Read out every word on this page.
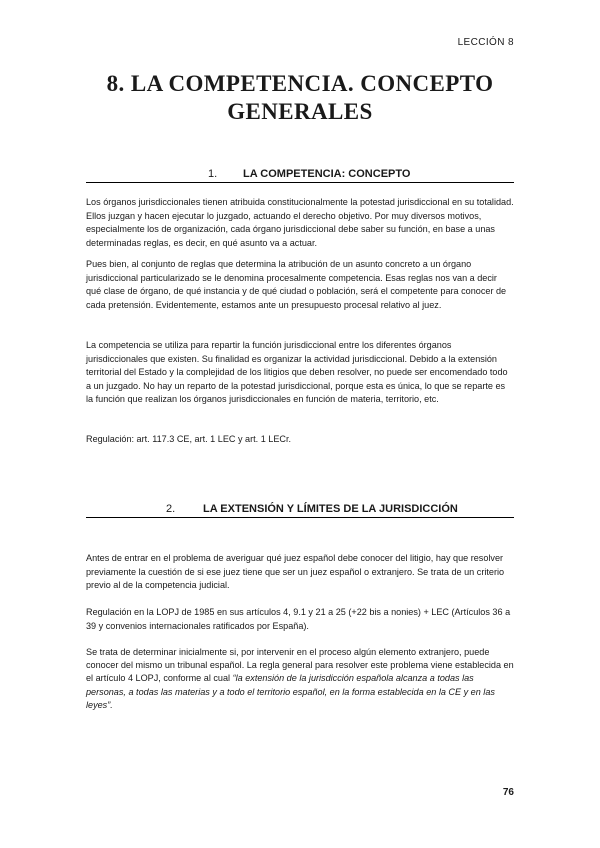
LECCIÓN 8
8. LA COMPETENCIA. CONCEPTO
GENERALES
1. LA COMPETENCIA: CONCEPTO

Los órganos jurisdiccionales tienen atribuida constitucionalmente la potestad jurisdiccional en su totalidad. Ellos juzgan y hacen ejecutar lo juzgado, actuando el derecho objetivo. Por muy diversos motivos, especialmente los de organización, cada órgano jurisdiccional debe saber su función, en base a unas determinadas reglas, es decir, en qué asunto va a actuar.

Pues bien, al conjunto de reglas que determina la atribución de un asunto concreto a un órgano jurisdiccional particularizado se le denomina procesalmente competencia. Esas reglas nos van a decir qué clase de órgano, de qué instancia y de qué ciudad o población, será el competente para conocer de cada pretensión. Evidentemente, estamos ante un presupuesto procesal relativo al juez.

La competencia se utiliza para repartir la función jurisdiccional entre los diferentes órganos jurisdiccionales que existen. Su finalidad es organizar la actividad jurisdiccional. Debido a la extensión territorial del Estado y la complejidad de los litigios que deben resolver, no puede ser encomendado todo a un juzgado. No hay un reparto de la potestad jurisdiccional, porque esta es única, lo que se reparte es la función que realizan los órganos jurisdiccionales en función de materia, territorio, etc.

Regulación: art. 117.3 CE, art. 1 LEC y art. 1 LECr.

2.	LA EXTENSIÓN Y LÍMITES DE LA JURISDICCIÓN

Antes de entrar en el problema de averiguar qué juez español debe conocer del litigio, hay que resolver previamente la cuestión de si ese juez tiene que ser un juez español o extranjero. Se trata de un criterio previo al de la competencia judicial.

Regulación en la LOPJ de 1985 en sus artículos 4, 9.1 y 21 a 25 (+22 bis a nonies) + LEC (Artículos 36 a 39 y convenios internacionales ratificados por España).

Se trata de determinar inicialmente si, por intervenir en el proceso algún elemento extranjero, puede conocer del mismo un tribunal español. La regla general para resolver este problema viene establecida en el artículo 4 LOPJ, conforme al cual “la extensión de la jurisdicción española alcanza a todas las personas, a todas las materias y a todo el territorio español, en la forma establecida en la CE y en las leyes”.

76
